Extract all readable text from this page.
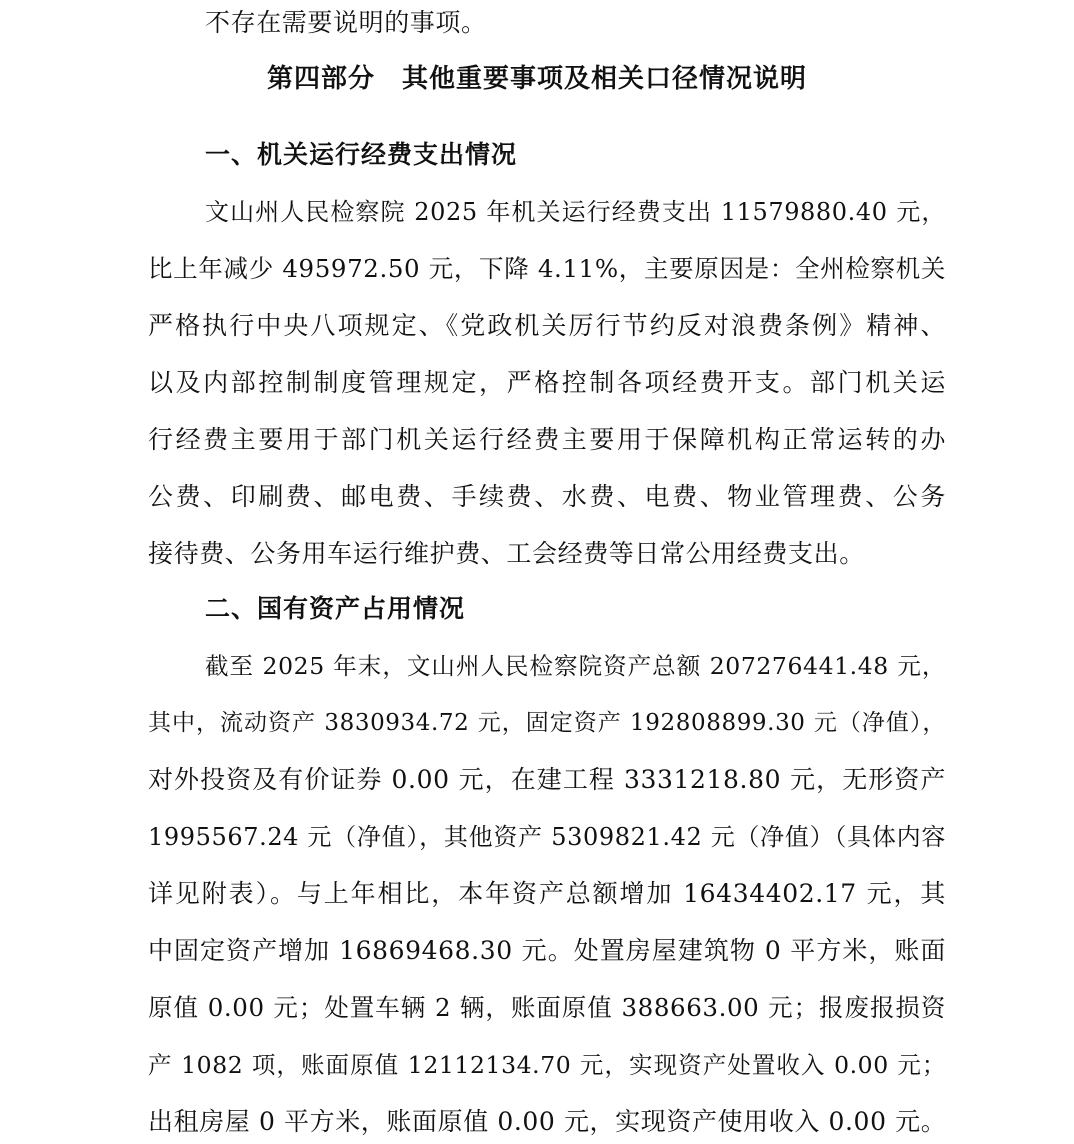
不存在需要说明的事项。
第四部分　其他重要事项及相关口径情况说明
一、机关运行经费支出情况
文山州人民检察院 2025 年机关运行经费支出 11579880.40 元，
比上年减少 495972.50 元，下降 4.11%，主要原因是：全州检察机关
严格执行中央八项规定、《党政机关厉行节约反对浪费条例》精神、
以及内部控制制度管理规定，严格控制各项经费开支。部门机关运
行经费主要用于部门机关运行经费主要用于保障机构正常运转的办
公费、印刷费、邮电费、手续费、水费、电费、物业管理费、公务
接待费、公务用车运行维护费、工会经费等日常公用经费支出。
二、国有资产占用情况
截至 2025 年末，文山州人民检察院资产总额 207276441.48 元，
其中，流动资产 3830934.72 元，固定资产 192808899.30 元（净值），
对外投资及有价证券 0.00 元，在建工程 3331218.80 元，无形资产
1995567.24 元（净值），其他资产 5309821.42 元（净值）（具体内容
详见附表）。与上年相比，本年资产总额增加 16434402.17 元，其
中固定资产增加 16869468.30 元。处置房屋建筑物 0 平方米，账面
原值 0.00 元；处置车辆 2 辆，账面原值 388663.00 元；报废报损资
产 1082 项，账面原值 12112134.70 元，实现资产处置收入 0.00 元；
出租房屋 0 平方米，账面原值 0.00 元，实现资产使用收入 0.00 元。
